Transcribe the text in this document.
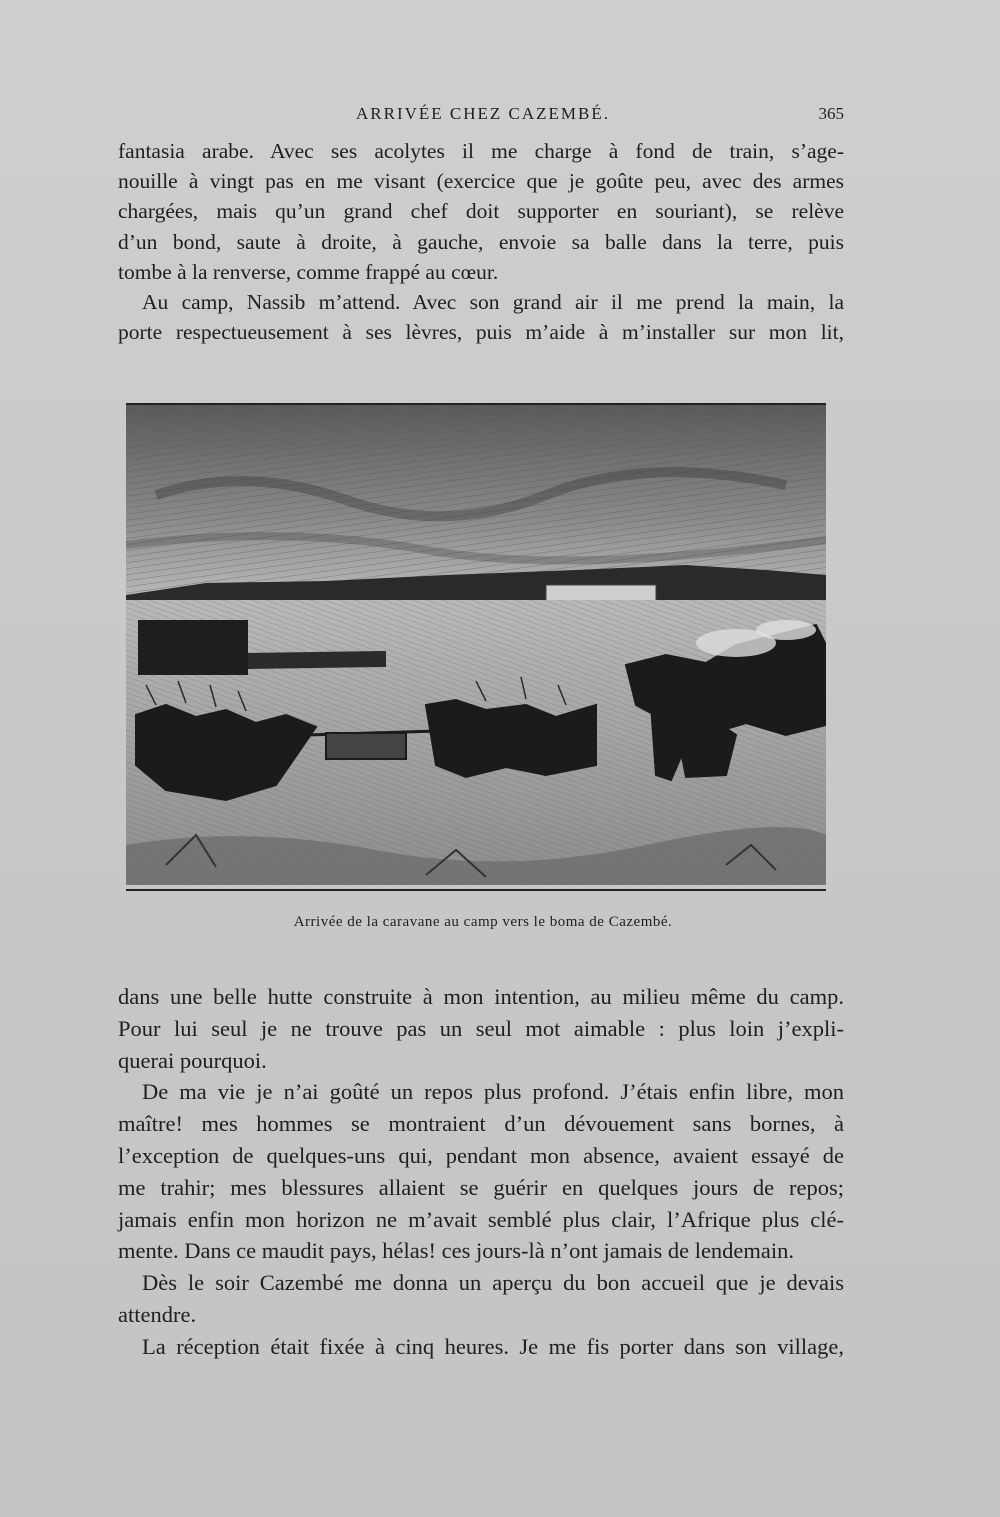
ARRIVÉE CHEZ CAZEMBÉ.	365
fantasia arabe. Avec ses acolytes il me charge à fond de train, s’age-
nouille à vingt pas en me visant (exercice que je goûte peu, avec des armes
chargées, mais qu’un grand chef doit supporter en souriant), se relève
d’un bond, saute à droite, à gauche, envoie sa balle dans la terre, puis
tombe à la renverse, comme frappé au cœur.
Au camp, Nassib m’attend. Avec son grand air il me prend la main, la
porte respectueusement à ses lèvres, puis m’aide à m’installer sur mon lit,
Arrivée de la caravane au camp vers le boma de Cazembé.
dans une belle hutte construite à mon intention, au milieu même du camp.
Pour lui seul je ne trouve pas un seul mot aimable : plus loin j’expli-
querai pourquoi.
De ma vie je n’ai goûté un repos plus profond. J’étais enfin libre, mon
maître! mes hommes se montraient d’un dévouement sans bornes, à
l’exception de quelques-uns qui, pendant mon absence, avaient essayé de
me trahir; mes blessures allaient se guérir en quelques jours de repos;
jamais enfin mon horizon ne m’avait semblé plus clair, l’Afrique plus clé-
mente. Dans ce maudit pays, hélas! ces jours-là n’ont jamais de lendemain.
Dès le soir Cazembé me donna un aperçu du bon accueil que je devais
attendre.
La réception était fixée à cinq heures. Je me fis porter dans son village,
